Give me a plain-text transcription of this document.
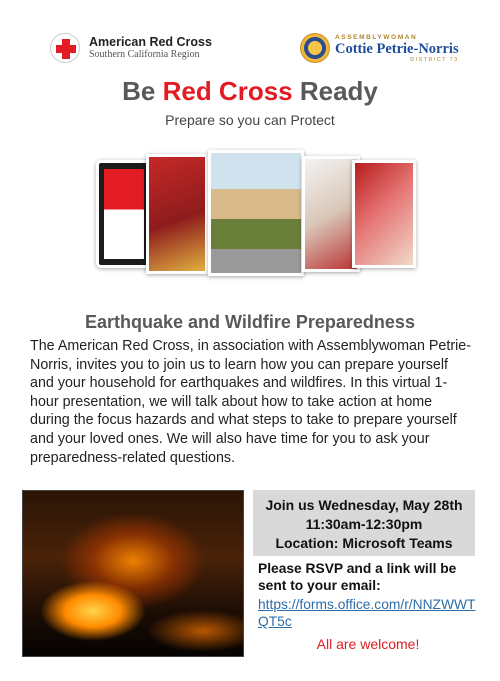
American Red Cross
Southern California Region
ASSEMBLYWOMAN
Cottie Petrie-Norris
DISTRICT 73
Be Red Cross Ready
Prepare so you can Protect
Earthquake and Wildfire Preparedness
The American Red Cross, in association with Assemblywoman Petrie-Norris, invites you to join us to learn how you can prepare yourself and your household for earthquakes and wildfires. In this virtual 1-hour presentation, we will talk about how to take action at home during the focus hazards and what steps to take to prepare yourself and your loved ones. We will also have time for you to ask your preparedness-related questions.
Join us Wednesday, May 28th
11:30am-12:30pm
Location: Microsoft Teams
Please RSVP and a link will be sent to your email:
https://forms.office.com/r/NNZWWTQT5c
All are welcome!
